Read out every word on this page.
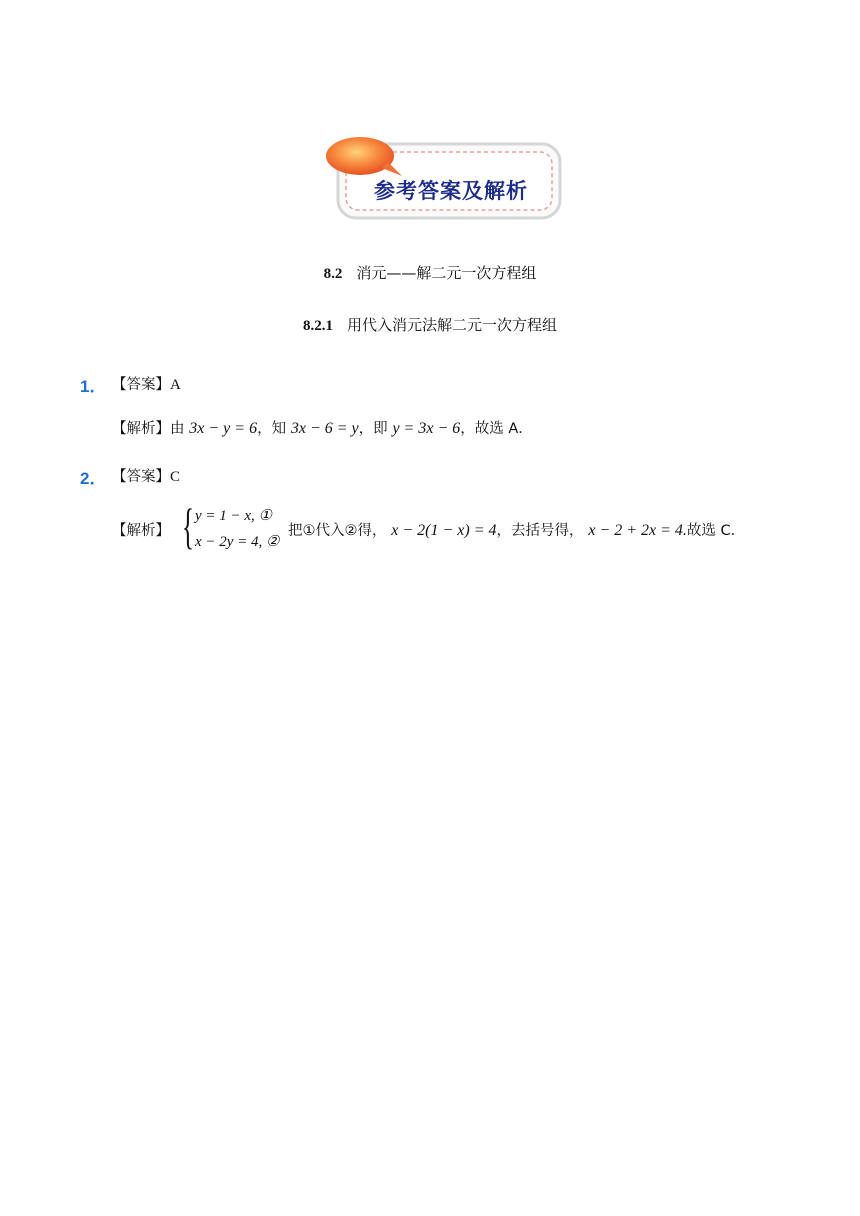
参考答案及解析
8.2 消元——解二元一次方程组
8.2.1 用代入消元法解二元一次方程组
1． 【答案】A
【解析】由 3x − y = 6，知 3x − 6 = y，即 y = 3x − 6，故选 A．
2． 【答案】C
【解析】 { y = 1 − x, ①
x − 2y = 4, ②
把①代入②得， x − 2(1 − x) = 4，去括号得， x − 2 + 2x = 4.故选 C．
